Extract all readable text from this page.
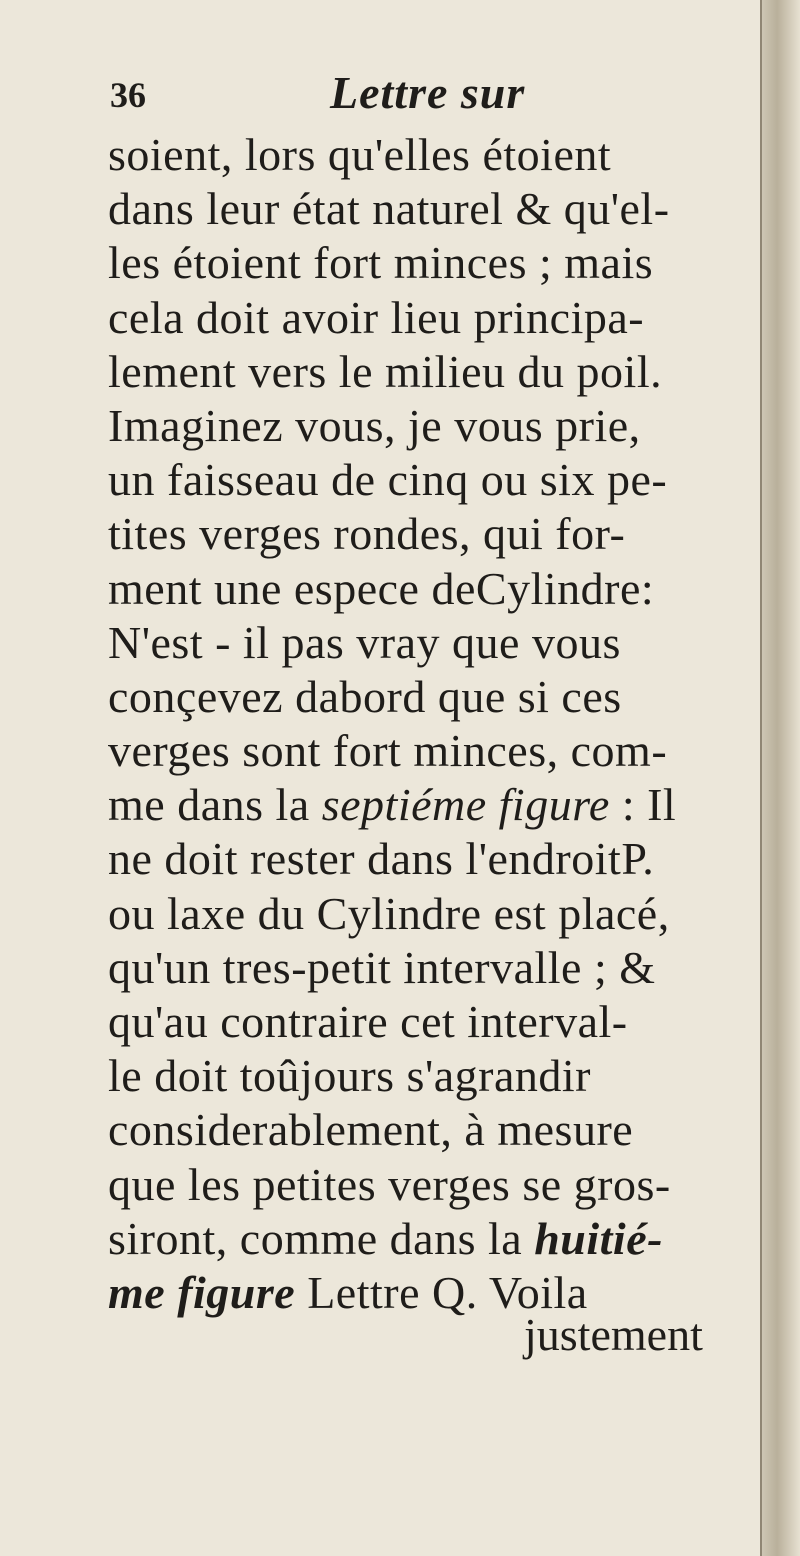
36	Lettre sur
soient, lors qu'elles étoient
dans leur état naturel & qu'el-
les étoient fort minces ; mais
cela doit avoir lieu principa-
lement vers le milieu du poil.
Imaginez vous, je vous prie,
un faisseau de cinq ou six pe-
tites verges rondes, qui for-
ment une espece deCylindre:
N'est - il pas vray que vous
conçevez dabord que si ces
verges sont fort minces, com-
me dans la septiéme figure : Il
ne doit rester dans l'endroitP.
ou laxe du Cylindre est placé,
qu'un tres-petit intervalle ; &
qu'au contraire cet interval-
le doit toûjours s'agrandir
considerablement, à mesure
que les petites verges se gros-
siront, comme dans la huitié-
me figure Lettre Q. Voila
justement
